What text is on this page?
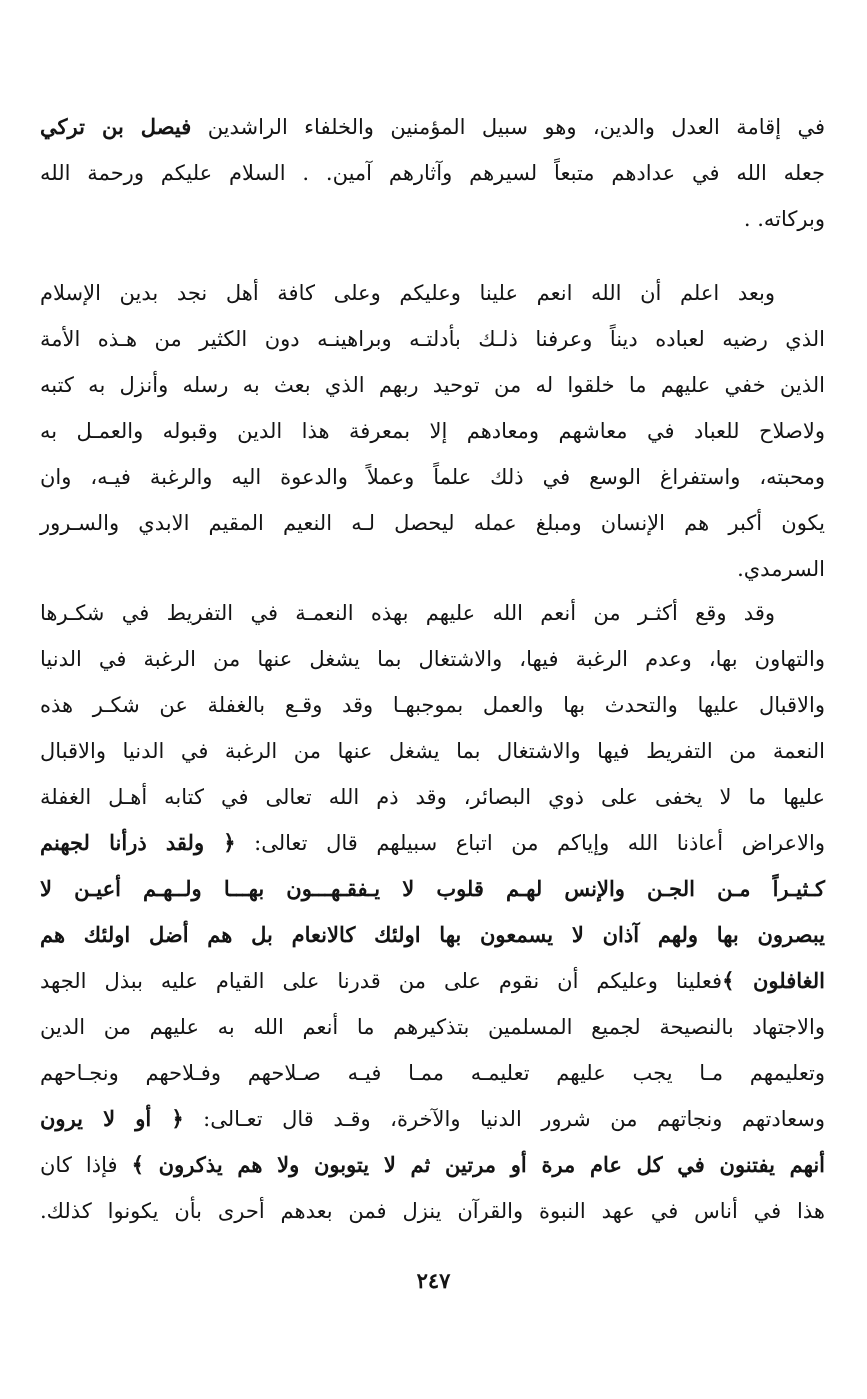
في إقامة العدل والدين، وهو سبيل المؤمنين والخلفاء الراشدين فيصل بن تركي
جعله الله في عدادهم متبعاً لسيرهم وآثارهم آمين. . السلام عليكم ورحمة الله
وبركاته. .
وبعد اعلم أن الله انعم علينا وعليكم وعلى كافة أهل نجد بدين الإسلام
الذي رضيه لعباده ديناً وعرفنا ذلـك بأدلتـه وبراهينـه دون الكثير من هـذه الأمة
الذين خفي عليهم ما خلقوا له من توحيد ربهم الذي بعث به رسله وأنزل به كتبه
ولاصلاح للعباد في معاشهم ومعادهم إلا بمعرفة هذا الدين وقبوله والعمـل به
ومحبته، واستفراغ الوسع في ذلك علماً وعملاً والدعوة اليه والرغبة فيـه، وان
يكون أكبر هم الإنسان ومبلغ عمله ليحصل لـه النعيم المقيم الابدي والسـرور
السرمدي.
وقد وقع أكثـر من أنعم الله عليهم بهذه النعمـة في التفريط في شكـرها
والتهاون بها، وعدم الرغبة فيها، والاشتغال بما يشغل عنها من الرغبة في الدنيا
والاقبال عليها والتحدث بها والعمل بموجبهـا وقد وقـع بالغفلة عن شكـر هذه
النعمة من التفريط فيها والاشتغال بما يشغل عنها من الرغبة في الدنيا والاقبال
عليها ما لا يخفى على ذوي البصائر، وقد ذم الله تعالى في كتابه أهـل الغفلة
والاعراض أعاذنا الله وإياكم من اتباع سبيلهم قال تعالى: ﴿ ولقد ذرأنا لجهنم
كـثيـراً مـن الجـن والإنس لهـم قلوب لا يـفقـهـــون بهـــا ولــهـم أعيـن لا
يبصرون بها ولهم آذان لا يسمعون بها اولئك كالانعام بل هم أضل اولئك هم
الغافلون ﴾فعلينا وعليكم أن نقوم على من قدرنا على القيام عليه ببذل الجهد
والاجتهاد بالنصيحة لجميع المسلمين بتذكيرهم ما أنعم الله به عليهم من الدين
وتعليمهم مـا يجب عليهم تعليمـه ممـا فيـه صـلاحهم وفـلاحهم ونجـاحهم
وسعادتهم ونجاتهم من شرور الدنيا والآخرة، وقـد قال تعـالى: ﴿ أو لا يرون
أنهم يفتنون في كل عام مرة أو مرتين ثم لا يتوبون ولا هم يذكرون ﴾ فإذا كان
هذا في أناس في عهد النبوة والقرآن ينزل فمن بعدهم أحرى بأن يكونوا كذلك.
٢٤٧
